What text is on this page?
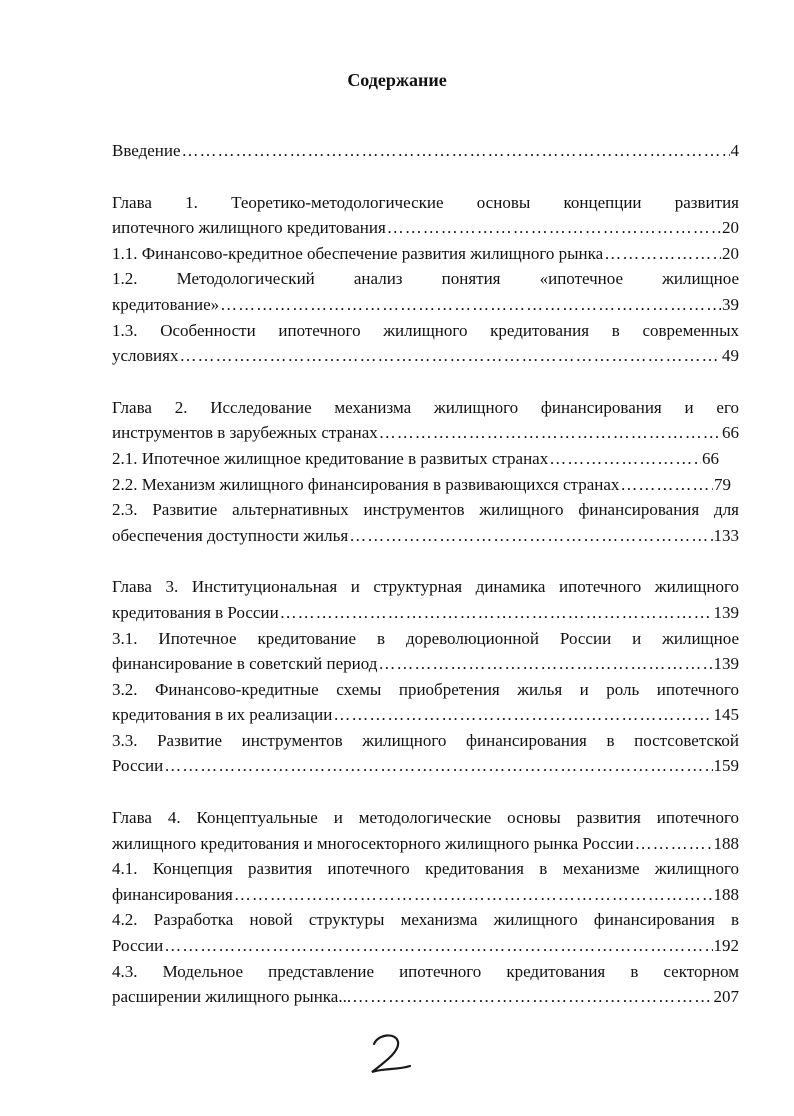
Содержание
Введение …………………………………………………………………………………………………………………………………………………………………………………………	4
Глава 1. Теоретико-методологические основы концепции развития
ипотечного жилищного кредитования …………………………………………………………………………………………………………………………………………………………………………………………	20
1.1. Финансово-кредитное обеспечение развития жилищного рынка …………………………………………………………………………………………………………………………………………………………………………………………	20
1.2. Методологический анализ понятия «ипотечное жилищное
кредитование» …………………………………………………………………………………………………………………………………………………………………………………………	39
1.3. Особенности ипотечного жилищного кредитования в современных
условиях …………………………………………………………………………………………………………………………………………………………………………………………	49
Глава 2. Исследование механизма жилищного финансирования и его
инструментов в зарубежных странах …………………………………………………………………………………………………………………………………………………………………………………………	66
2.1. Ипотечное жилищное кредитование в развитых странах …………………………………………………………………………………………………………………………………………………………………………………………	66
2.2. Механизм жилищного финансирования в развивающихся странах …………………………………………………………………………………………………………………………………………………………………………………………	79
2.3. Развитие альтернативных инструментов жилищного финансирования для
обеспечения доступности жилья …………………………………………………………………………………………………………………………………………………………………………………………	133
Глава 3. Институциональная и структурная динамика ипотечного жилищного
кредитования в России …………………………………………………………………………………………………………………………………………………………………………………………	139
3.1. Ипотечное кредитование в дореволюционной России и жилищное
финансирование в советский период …………………………………………………………………………………………………………………………………………………………………………………………	139
3.2. Финансово-кредитные схемы приобретения жилья и роль ипотечного
кредитования в их реализации …………………………………………………………………………………………………………………………………………………………………………………………	145
3.3. Развитие инструментов жилищного финансирования в постсоветской
России …………………………………………………………………………………………………………………………………………………………………………………………	159
Глава 4. Концептуальные и методологические основы развития ипотечного
жилищного кредитования и многосекторного жилищного рынка России …………………………………………………………………………………………………………………………………………………………………………………………	188
4.1. Концепция развития ипотечного кредитования в механизме жилищного
финансирования …………………………………………………………………………………………………………………………………………………………………………………………	188
4.2. Разработка новой структуры механизма жилищного финансирования в
России …………………………………………………………………………………………………………………………………………………………………………………………	192
4.3. Модельное представление ипотечного кредитования в секторном
расширении жилищного рынка... …………………………………………………………………………………………………………………………………………………………………………………………	207
